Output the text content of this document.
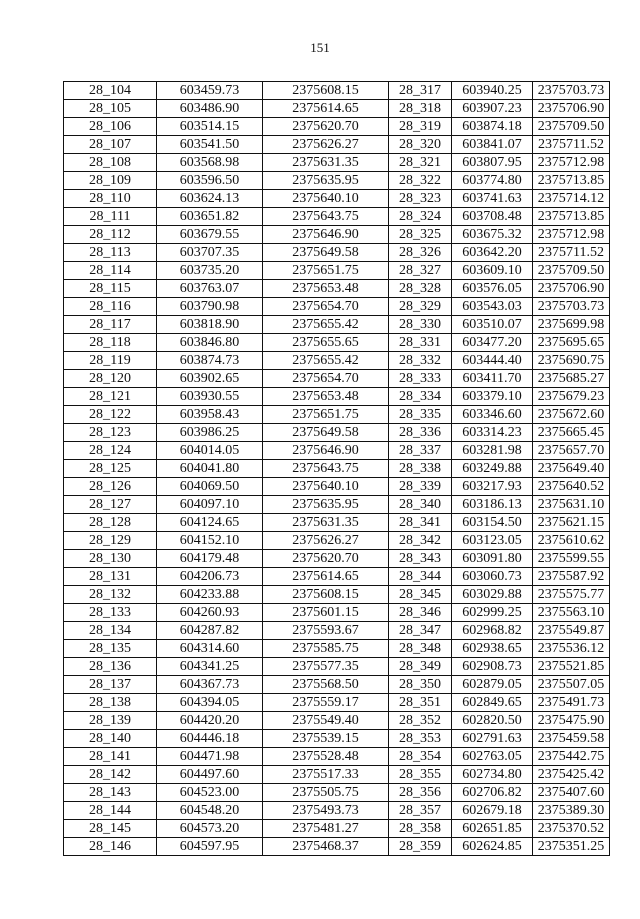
151
28_104	603459.73	2375608.15	28_317	603940.25	2375703.73
28_105	603486.90	2375614.65	28_318	603907.23	2375706.90
28_106	603514.15	2375620.70	28_319	603874.18	2375709.50
28_107	603541.50	2375626.27	28_320	603841.07	2375711.52
28_108	603568.98	2375631.35	28_321	603807.95	2375712.98
28_109	603596.50	2375635.95	28_322	603774.80	2375713.85
28_110	603624.13	2375640.10	28_323	603741.63	2375714.12
28_111	603651.82	2375643.75	28_324	603708.48	2375713.85
28_112	603679.55	2375646.90	28_325	603675.32	2375712.98
28_113	603707.35	2375649.58	28_326	603642.20	2375711.52
28_114	603735.20	2375651.75	28_327	603609.10	2375709.50
28_115	603763.07	2375653.48	28_328	603576.05	2375706.90
28_116	603790.98	2375654.70	28_329	603543.03	2375703.73
28_117	603818.90	2375655.42	28_330	603510.07	2375699.98
28_118	603846.80	2375655.65	28_331	603477.20	2375695.65
28_119	603874.73	2375655.42	28_332	603444.40	2375690.75
28_120	603902.65	2375654.70	28_333	603411.70	2375685.27
28_121	603930.55	2375653.48	28_334	603379.10	2375679.23
28_122	603958.43	2375651.75	28_335	603346.60	2375672.60
28_123	603986.25	2375649.58	28_336	603314.23	2375665.45
28_124	604014.05	2375646.90	28_337	603281.98	2375657.70
28_125	604041.80	2375643.75	28_338	603249.88	2375649.40
28_126	604069.50	2375640.10	28_339	603217.93	2375640.52
28_127	604097.10	2375635.95	28_340	603186.13	2375631.10
28_128	604124.65	2375631.35	28_341	603154.50	2375621.15
28_129	604152.10	2375626.27	28_342	603123.05	2375610.62
28_130	604179.48	2375620.70	28_343	603091.80	2375599.55
28_131	604206.73	2375614.65	28_344	603060.73	2375587.92
28_132	604233.88	2375608.15	28_345	603029.88	2375575.77
28_133	604260.93	2375601.15	28_346	602999.25	2375563.10
28_134	604287.82	2375593.67	28_347	602968.82	2375549.87
28_135	604314.60	2375585.75	28_348	602938.65	2375536.12
28_136	604341.25	2375577.35	28_349	602908.73	2375521.85
28_137	604367.73	2375568.50	28_350	602879.05	2375507.05
28_138	604394.05	2375559.17	28_351	602849.65	2375491.73
28_139	604420.20	2375549.40	28_352	602820.50	2375475.90
28_140	604446.18	2375539.15	28_353	602791.63	2375459.58
28_141	604471.98	2375528.48	28_354	602763.05	2375442.75
28_142	604497.60	2375517.33	28_355	602734.80	2375425.42
28_143	604523.00	2375505.75	28_356	602706.82	2375407.60
28_144	604548.20	2375493.73	28_357	602679.18	2375389.30
28_145	604573.20	2375481.27	28_358	602651.85	2375370.52
28_146	604597.95	2375468.37	28_359	602624.85	2375351.25
